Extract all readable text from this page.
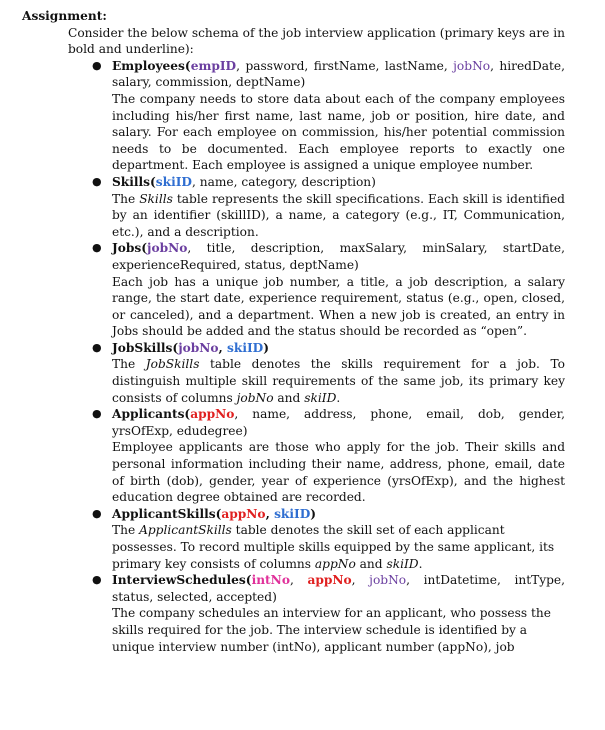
Assignment:
Consider the below schema of the job interview application (primary keys are in bold and underline):
● Employees(empID, password, firstName, lastName, jobNo, hiredDate, salary, commission, deptName)
The company needs to store data about each of the company employees including his/her first name, last name, job or position, hire date, and salary. For each employee on commission, his/her potential commission needs to be documented. Each employee reports to exactly one department. Each employee is assigned a unique employee number.
● Skills(skiID, name, category, description)
The Skills table represents the skill specifications. Each skill is identified by an identifier (skillID), a name, a category (e.g., IT, Communication, etc.), and a description.
● Jobs(jobNo, title, description, maxSalary, minSalary, startDate, experienceRequired, status, deptName)
Each job has a unique job number, a title, a job description, a salary range, the start date, experience requirement, status (e.g., open, closed, or canceled), and a department. When a new job is created, an entry in Jobs should be added and the status should be recorded as “open”.
● JobSkills(jobNo, skiID)
The JobSkills table denotes the skills requirement for a job. To distinguish multiple skill requirements of the same job, its primary key consists of columns jobNo and skiID.
● Applicants(appNo, name, address, phone, email, dob, gender, yrsOfExp, edudegree)
Employee applicants are those who apply for the job. Their skills and personal information including their name, address, phone, email, date of birth (dob), gender, year of experience (yrsOfExp), and the highest education degree obtained are recorded.
● ApplicantSkills(appNo, skiID)
The ApplicantSkills table denotes the skill set of each applicant possesses. To record multiple skills equipped by the same applicant, its primary key consists of columns appNo and skiID.
● InterviewSchedules(intNo, appNo, jobNo, intDatetime, intType, status, selected, accepted)
The company schedules an interview for an applicant, who possess the skills required for the job. The interview schedule is identified by a unique interview number (intNo), applicant number (appNo), job
